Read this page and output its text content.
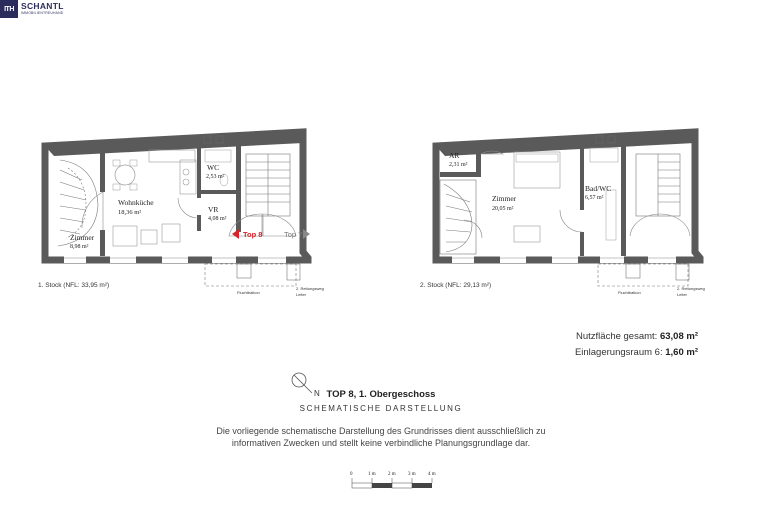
ITH SCHANTL
IMMOBILIENTREUHAND
Wohnküche
18,36 m²
WC
2,53 m²
VR
4,08 m²
Zimmer
8,98 m²
Top 8	Top 7
Fluchtbalkon
2. Rettungsweg
Leiter
1. Stock (NFL: 33,95 m²)
AR
2,31 m²
Zimmer
20,05 m²
Bad/WC
6,57 m²
Fluchtbalkon
2. Rettungsweg
Leiter
2. Stock (NFL: 29,13 m²)
N
0	1 m 2 m 3 m 4 m
Nutzfläche gesamt: 63,08 m²
Einlagerungsraum 6: 1,60 m²
TOP 8, 1. Obergeschoss
SCHEMATISCHE DARSTELLUNG
Die vorliegende schematische Darstellung des Grundrisses dient ausschließlich zu
informativen Zwecken und stellt keine verbindliche Planungsgrundlage dar.
